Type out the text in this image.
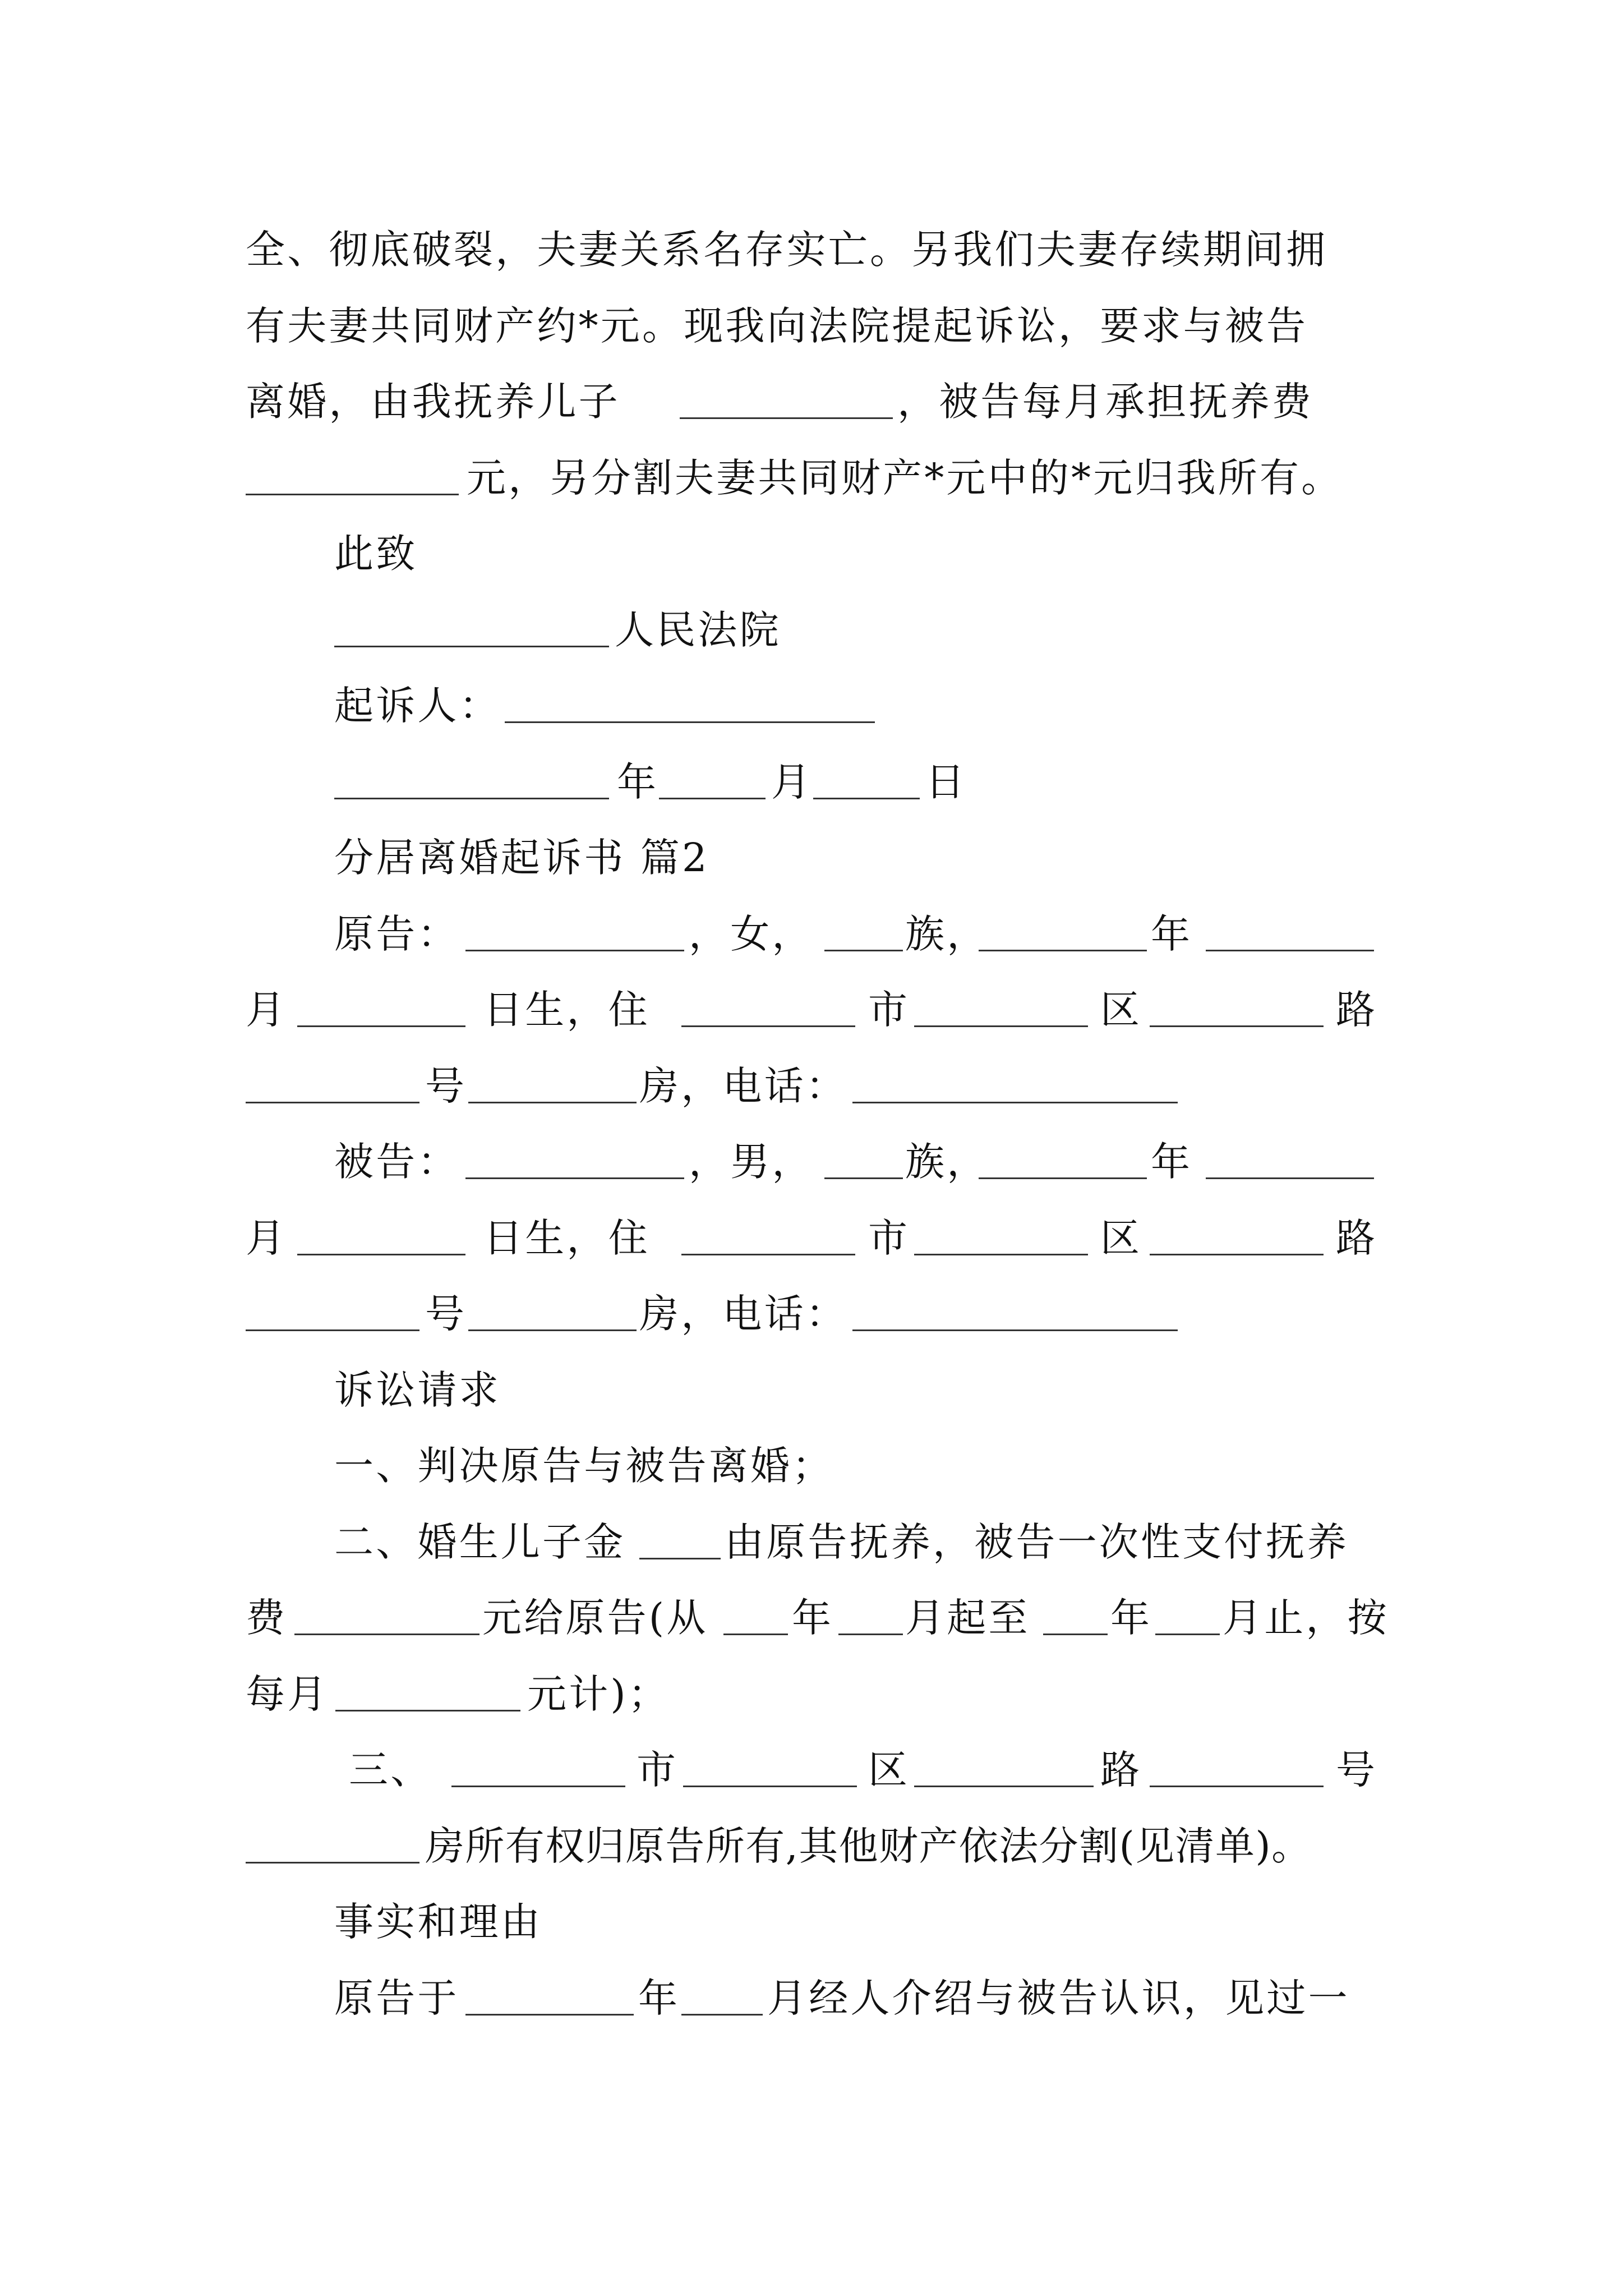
全、彻底破裂，夫妻关系名存实亡。另我们夫妻存续期间拥
有夫妻共同财产约*元。现我向法院提起诉讼，要求与被告
离婚，由我抚养儿子	，被告每月承担抚养费
元，另分割夫妻共同财产*元中的*元归我所有。
此致
人民法院
起诉人：
年	月	日
分居离婚起诉书 篇2
原告：	，女， 族，	年
月	日生，住	市	区	路
号	房，电话：
被告：	，男， 族，	年
月	日生，住	市	区	路
号	房，电话：
诉讼请求
一、判决原告与被告离婚；
二、婚生儿子金	由原告抚养，被告一次性支付抚养
费	元给原告(从 年 月起至 年 月止，按
每月	元计)；
三、	市	区	路	号
房所有权归原告所有,其他财产依法分割(见清单)。
事实和理由
原告于	年 月经人介绍与被告认识，见过一
